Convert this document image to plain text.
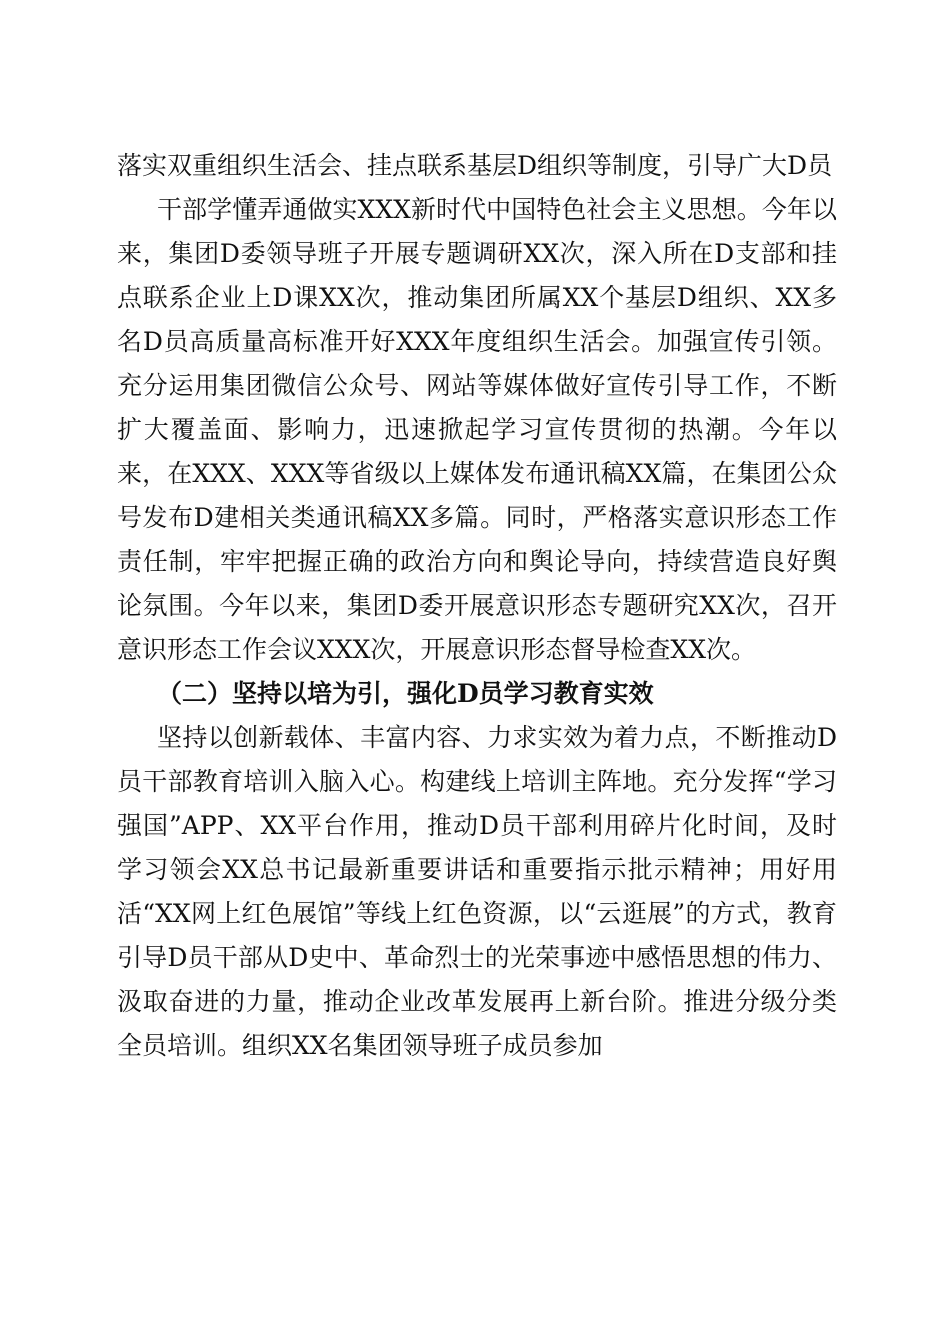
落实双重组织生活会、挂点联系基层D组织等制度，引导广大D员

干部学懂弄通做实XXX新时代中国特色社会主义思想。今年以来，集团D委领导班子开展专题调研XX次，深入所在D支部和挂点联系企业上D课XX次，推动集团所属XX个基层D组织、XX多名D员高质量高标准开好XXX年度组织生活会。加强宣传引领。充分运用集团微信公众号、网站等媒体做好宣传引导工作，不断扩大覆盖面、影响力，迅速掀起学习宣传贯彻的热潮。今年以来，在XXX、XXX等省级以上媒体发布通讯稿XX篇，在集团公众号发布D建相关类通讯稿XX多篇。同时，严格落实意识形态工作责任制，牢牢把握正确的政治方向和舆论导向，持续营造良好舆论氛围。今年以来，集团D委开展意识形态专题研究XX次，召开意识形态工作会议XXX次，开展意识形态督导检查XX次。

（二）坚持以培为引，强化D员学习教育实效

坚持以创新载体、丰富内容、力求实效为着力点，不断推动D员干部教育培训入脑入心。构建线上培训主阵地。充分发挥“学习强国”APP、XX平台作用，推动D员干部利用碎片化时间，及时学习领会XX总书记最新重要讲话和重要指示批示精神；用好用活“XX网上红色展馆”等线上红色资源，以“云逛展”的方式，教育引导D员干部从D史中、革命烈士的光荣事迹中感悟思想的伟力、汲取奋进的力量，推动企业改革发展再上新台阶。推进分级分类全员培训。组织XX名集团领导班子成员参加
